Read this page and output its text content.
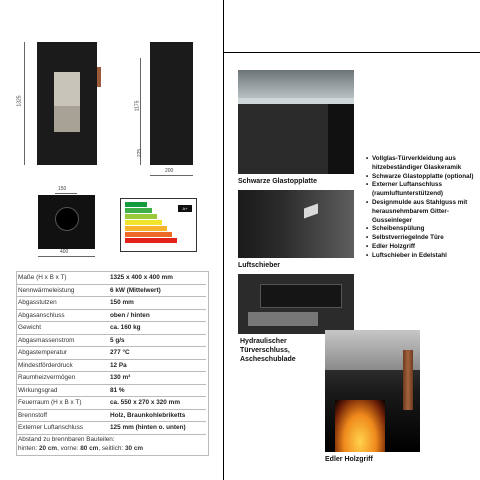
1325	1175
225
200
150
400
A+
Maße (H x B x T)	1325 x 400 x 400 mm
Nennwärmeleistung	6 kW (Mittelwert)
Abgasstutzen	150 mm
Abgasanschluss	oben / hinten
Gewicht	ca. 160 kg
Abgasmassenstrom	5 g/s
Abgastemperatur	277 °C
Mindestförderdruck	12 Pa
Raumheizvermögen	130 m³
Wirkungsgrad	81 %
Feuerraum (H x B x T)	ca. 550 x 270 x 320 mm
Brennstoff	Holz, Braunkohlebriketts
Externer Luftanschluss	125 mm (hinten o. unten)
Abstand zu brennbaren Bauteilen:
hinten: 20 cm, vorne: 80 cm, seitlich: 30 cm
Schwarze Glastopplatte
Luftschieber
Hydraulischer
Türverschluss,
Ascheschublade
Edler Holzgriff
• Vollglas-Türverkleidung aus hitzebeständiger Glaskeramik
• Schwarze Glastopplatte (optional)
• Externer Luftanschluss (raumluftunterstützend)
• Designmulde aus Stahlguss mit herausnehmbarem Gitter-Gusseinleger
• Scheibenspülung
• Selbstverriegelnde Türe
• Edler Holzgriff
• Luftschieber in Edelstahl
